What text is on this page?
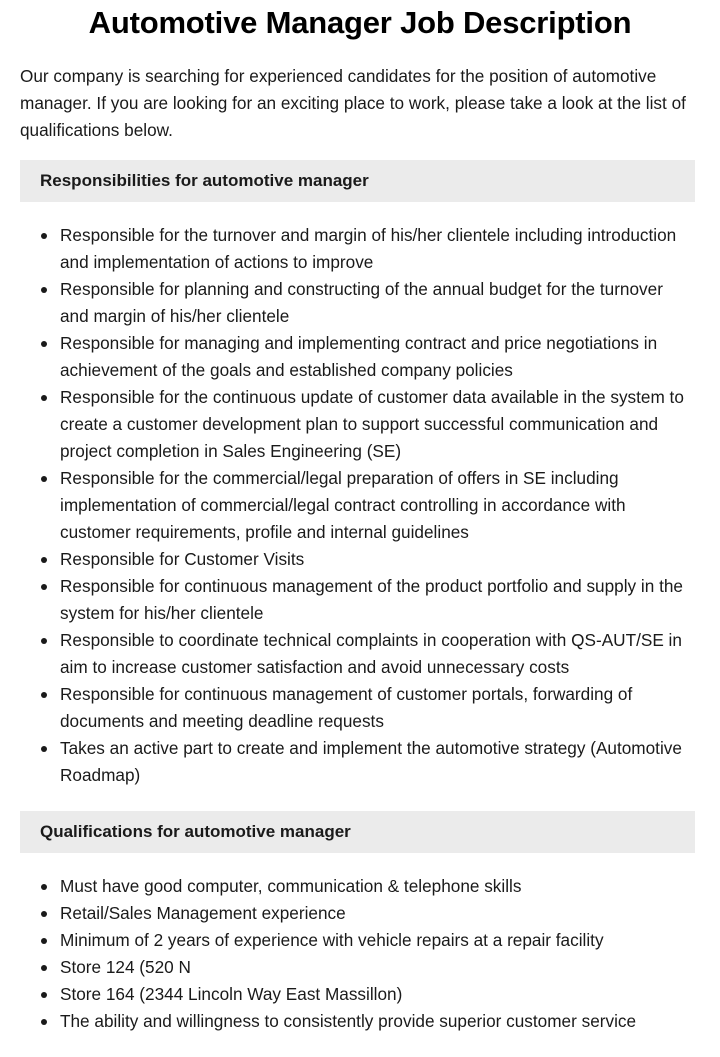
Automotive Manager Job Description

Our company is searching for experienced candidates for the position of automotive manager. If you are looking for an exciting place to work, please take a look at the list of qualifications below.

Responsibilities for automotive manager
Responsible for the turnover and margin of his/her clientele including introduction and implementation of actions to improve
Responsible for planning and constructing of the annual budget for the turnover and margin of his/her clientele
Responsible for managing and implementing contract and price negotiations in achievement of the goals and established company policies
Responsible for the continuous update of customer data available in the system to create a customer development plan to support successful communication and project completion in Sales Engineering (SE)
Responsible for the commercial/legal preparation of offers in SE including implementation of commercial/legal contract controlling in accordance with customer requirements, profile and internal guidelines
Responsible for Customer Visits
Responsible for continuous management of the product portfolio and supply in the system for his/her clientele
Responsible to coordinate technical complaints in cooperation with QS-AUT/SE in aim to increase customer satisfaction and avoid unnecessary costs
Responsible for continuous management of customer portals, forwarding of documents and meeting deadline requests
Takes an active part to create and implement the automotive strategy (Automotive Roadmap)
Qualifications for automotive manager
Must have good computer, communication & telephone skills
Retail/Sales Management experience
Minimum of 2 years of experience with vehicle repairs at a repair facility
Store 124 (520 N
Store 164 (2344 Lincoln Way East Massillon)
The ability and willingness to consistently provide superior customer service
